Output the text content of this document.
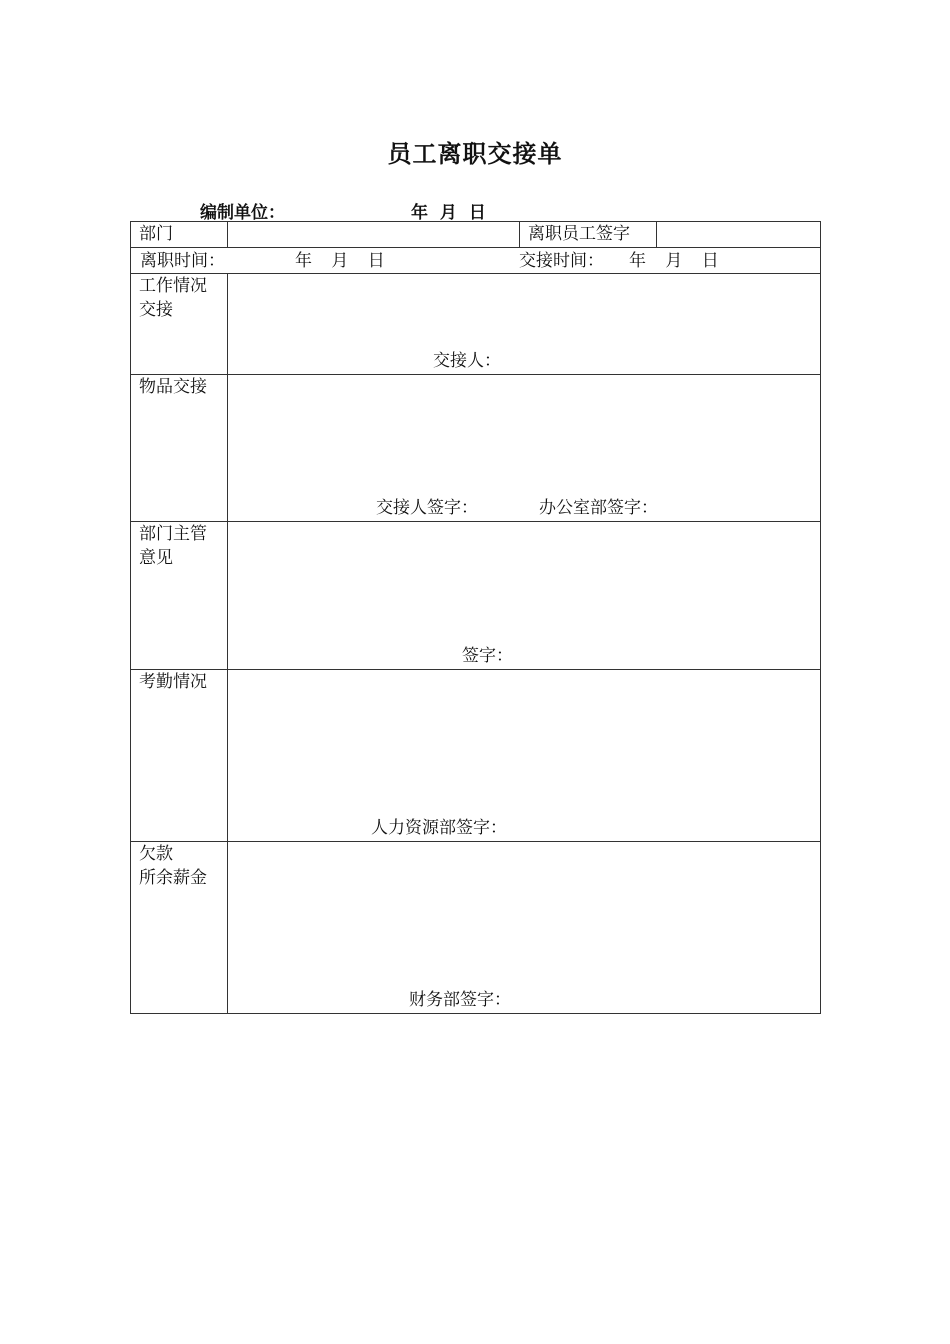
员工离职交接单
编制单位：	年 月 日
部门		离职员工签字	

离职时间： 年 月 日 交接时间： 年 月 日			

工作情况
交接	交接人：		

物品交接	交接人签字： 办公室部签字：		

部门主管
意见	签字：		

考勤情况	人力资源部签字：		

欠款
所余薪金	财务部签字：		
